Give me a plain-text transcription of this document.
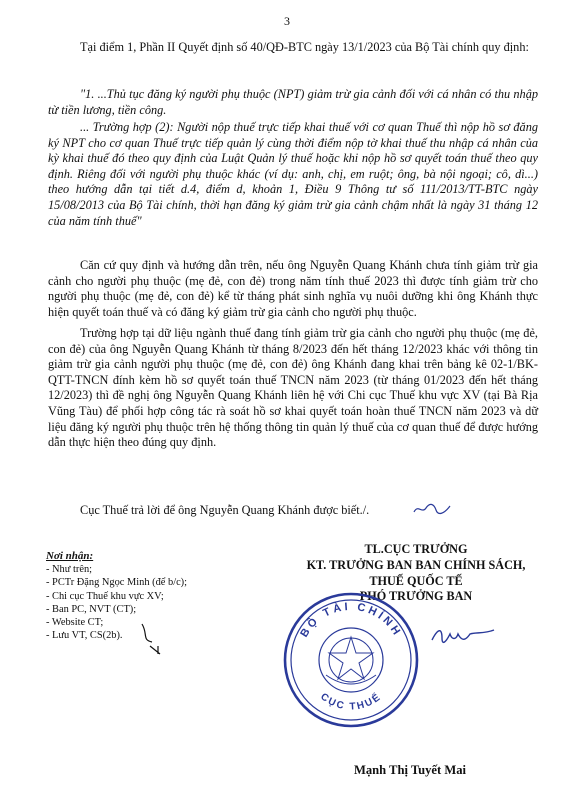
3
Tại điểm 1, Phần II Quyết định số 40/QĐ-BTC ngày 13/1/2023 của Bộ Tài chính quy định:
"1. ...Thủ tục đăng ký người phụ thuộc (NPT) giảm trừ gia cảnh đối với cá nhân có thu nhập từ tiền lương, tiền công.
... Trường hợp (2): Người nộp thuế trực tiếp khai thuế với cơ quan Thuế thì nộp hồ sơ đăng ký NPT cho cơ quan Thuế trực tiếp quản lý cùng thời điểm nộp tờ khai thuế thu nhập cá nhân của kỳ khai thuế đó theo quy định của Luật Quản lý thuế hoặc khi nộp hồ sơ quyết toán thuế theo quy định. Riêng đối với người phụ thuộc khác (ví dụ: anh, chị, em ruột; ông, bà nội ngoại; cô, dì...) theo hướng dẫn tại tiết d.4, điểm d, khoản 1, Điều 9 Thông tư số 111/2013/TT-BTC ngày 15/08/2013 của Bộ Tài chính, thời hạn đăng ký giảm trừ gia cảnh chậm nhất là ngày 31 tháng 12 của năm tính thuế"
Căn cứ quy định và hướng dẫn trên, nếu ông Nguyễn Quang Khánh chưa tính giảm trừ gia cảnh cho người phụ thuộc (mẹ đẻ, con đẻ) trong năm tính thuế 2023 thì được tính giảm trừ cho người phụ thuộc (mẹ đẻ, con đẻ) kể từ tháng phát sinh nghĩa vụ nuôi dưỡng khi ông Khánh thực hiện quyết toán thuế và có đăng ký giảm trừ gia cảnh cho người phụ thuộc.
Trường hợp tại dữ liệu ngành thuế đang tính giảm trừ gia cảnh cho người phụ thuộc (mẹ đẻ, con đẻ) của ông Nguyễn Quang Khánh từ tháng 8/2023 đến hết tháng 12/2023 khác với thông tin giảm trừ gia cảnh người phụ thuộc (mẹ đẻ, con đẻ) ông Khánh đang khai trên bảng kê 02-1/BK-QTT-TNCN đính kèm hồ sơ quyết toán thuế TNCN năm 2023 (từ tháng 01/2023 đến hết tháng 12/2023) thì đề nghị ông Nguyễn Quang Khánh liên hệ với Chi cục Thuế khu vực XV (tại Bà Rịa Vũng Tàu) để phối hợp công tác rà soát hồ sơ khai quyết toán hoàn thuế TNCN năm 2023 và dữ liệu đăng ký người phụ thuộc trên hệ thống thông tin quản lý thuế của cơ quan thuế để được hướng dẫn thực hiện theo đúng quy định.
Cục Thuế trả lời để ông Nguyễn Quang Khánh được biết./.
Nơi nhận:
- Như trên;
- PCTr Đặng Ngọc Minh (để b/c);
- Chi cục Thuế khu vực XV;
- Ban PC, NVT (CT);
- Website CT;
- Lưu VT, CS(2b).
TL.CỤC TRƯỞNG
KT. TRƯỞNG BAN BAN CHÍNH SÁCH,
THUẾ QUỐC TẾ
PHÓ TRƯỞNG BAN
BỘ TÀI CHÍNH
CỤC THUẾ
Mạnh Thị Tuyết Mai
